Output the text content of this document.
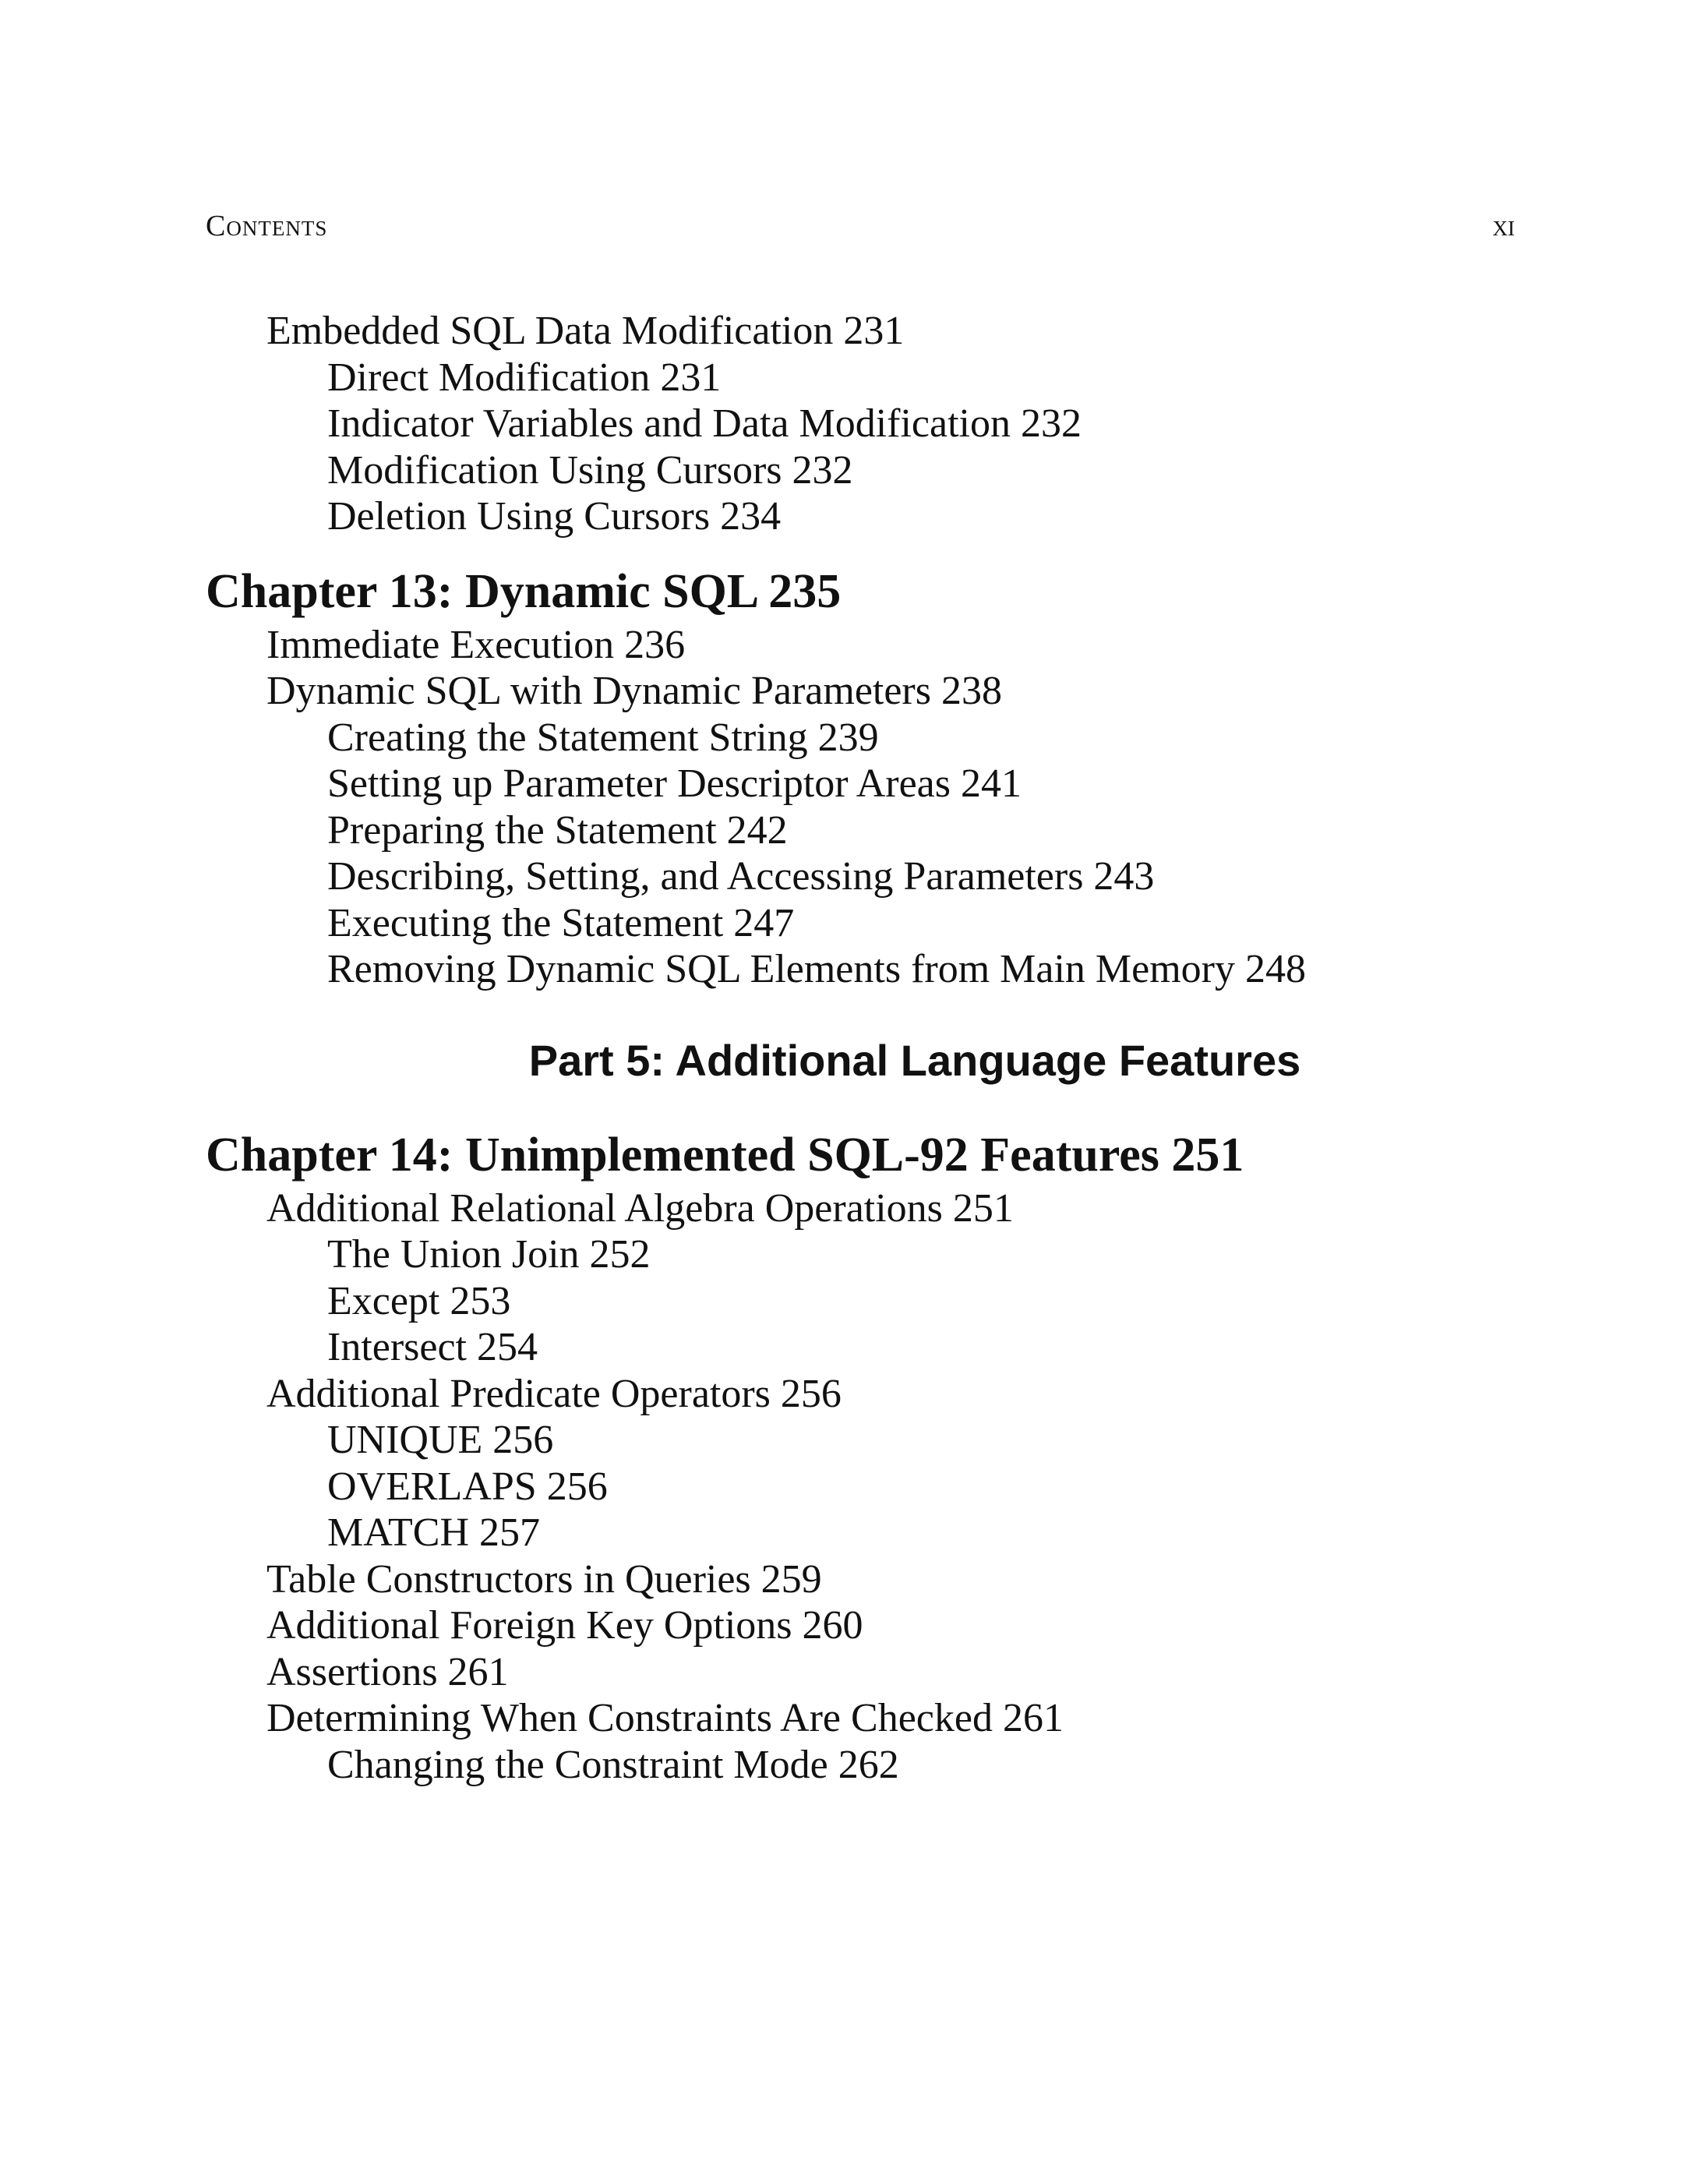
Contents	xi
Embedded SQL Data Modification 231
Direct Modification 231
Indicator Variables and Data Modification 232
Modification Using Cursors 232
Deletion Using Cursors 234
Chapter 13: Dynamic SQL 235
Immediate Execution 236
Dynamic SQL with Dynamic Parameters 238
Creating the Statement String 239
Setting up Parameter Descriptor Areas 241
Preparing the Statement 242
Describing, Setting, and Accessing Parameters 243
Executing the Statement 247
Removing Dynamic SQL Elements from Main Memory 248
Part 5: Additional Language Features
Chapter 14: Unimplemented SQL-92 Features 251
Additional Relational Algebra Operations 251
The Union Join 252
Except 253
Intersect 254
Additional Predicate Operators 256
UNIQUE 256
OVERLAPS 256
MATCH 257
Table Constructors in Queries 259
Additional Foreign Key Options 260
Assertions 261
Determining When Constraints Are Checked 261
Changing the Constraint Mode 262
